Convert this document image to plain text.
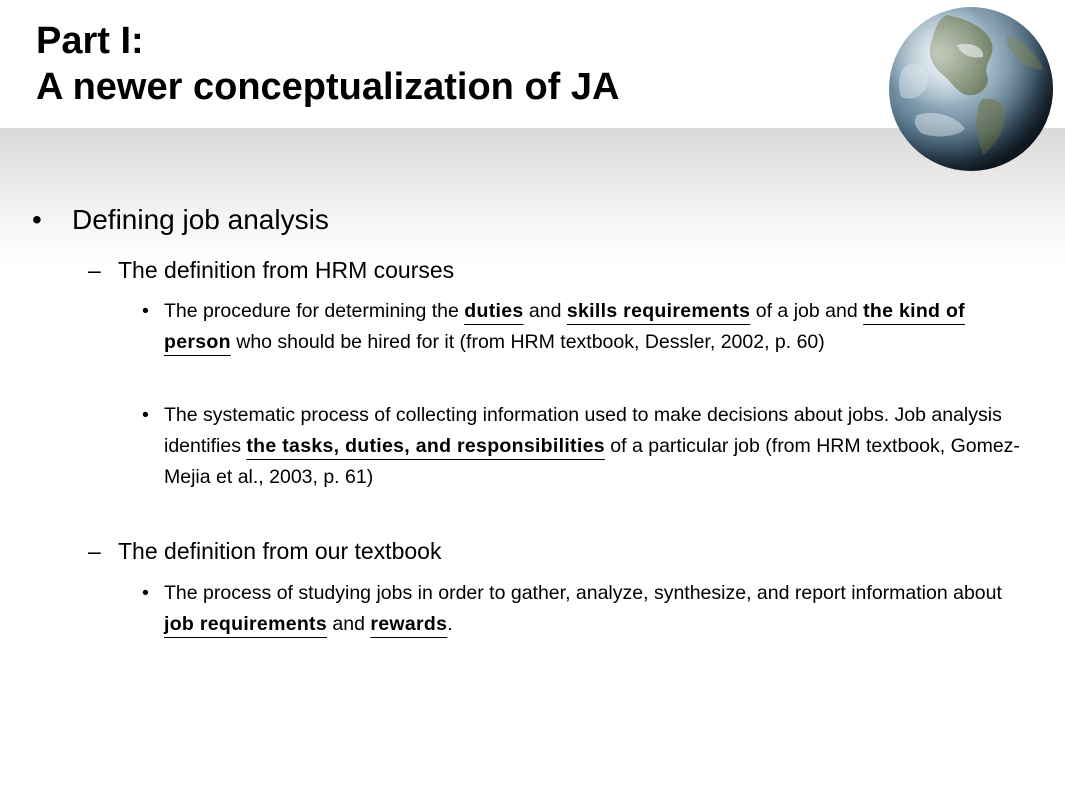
Part I:
A newer conceptualization of JA
• Defining job analysis
– The definition from HRM courses
• The procedure for determining the duties and skills requirements of a job and the kind of person who should be hired for it (from HRM textbook, Dessler, 2002, p. 60)
• The systematic process of collecting information used to make decisions about jobs. Job analysis identifies the tasks, duties, and responsibilities of a particular job (from HRM textbook, Gomez-Mejia et al., 2003, p. 61)
– The definition from our textbook
• The process of studying jobs in order to gather, analyze, synthesize, and report information about job requirements and rewards.
